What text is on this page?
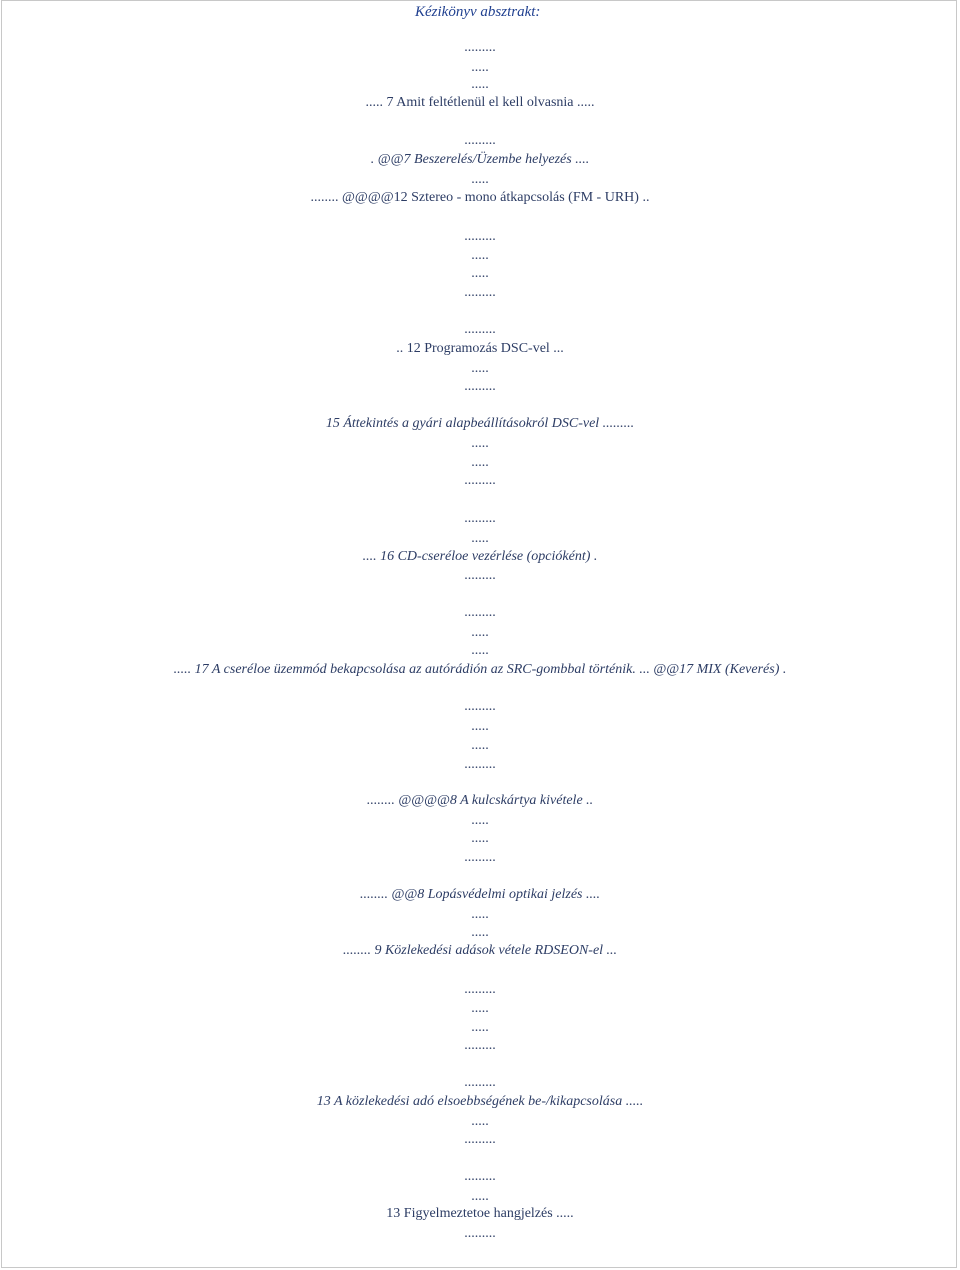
Kézikönyv absztrakt:
.........
.....
.....
..... 7 Amit feltétlenül el kell olvasnia .....
.........
. @@7 Beszerelés/Üzembe helyezés ....
.....
........ @@@@12 Sztereo - mono átkapcsolás (FM - URH) ..
.........
.....
.....
.........
.........
.. 12 Programozás DSC-vel ...
.....
.........
15 Áttekintés a gyári alapbeállításokról DSC-vel .........
.....
.....
.........
.........
.....
.... 16 CD-cseréloe vezérlése (opcióként) .
.........
.........
.....
.....
..... 17 A cseréloe üzemmód bekapcsolása az autórádión az SRC-gombbal történik. ... @@17 MIX (Keverés) .
.........
.....
.....
.........
........ @@@@8 A kulcskártya kivétele ..
.....
.....
.........
........ @@8 Lopásvédelmi optikai jelzés ....
.....
.....
........ 9 Közlekedési adások vétele RDSEON-el ...
.........
.....
.....
.........
.........
13 A közlekedési adó elsoebbségének be-/kikapcsolása .....
.....
.........
.........
.....
13 Figyelmeztetoe hangjelzés .....
.........
